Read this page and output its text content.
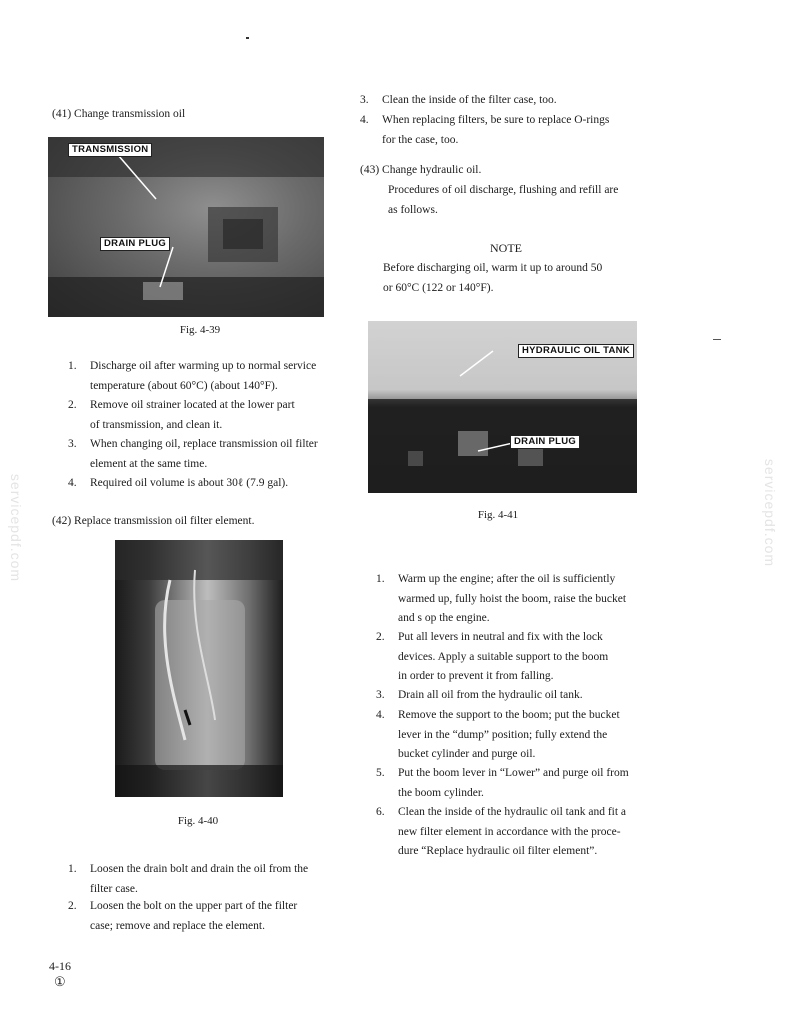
servicepdf.com	servicepdf.com
(41) Change transmission oil
TRANSMISSION
DRAIN PLUG
Fig. 4-39
1. Discharge oil after warming up to normal service
temperature (about 60°C) (about 140°F).
2. Remove oil strainer located at the lower part
of transmission, and clean it.
3. When changing oil, replace transmission oil filter
element at the same time.
4. Required oil volume is about 30ℓ (7.9 gal).
(42) Replace transmission oil filter element.
Fig. 4-40
1. Loosen the drain bolt and drain the oil from the
filter case.
2. Loosen the bolt on the upper part of the filter
case; remove and replace the element.
4-16
①
3. Clean the inside of the filter case, too.
4. When replacing filters, be sure to replace O-rings
for the case, too.
(43) Change hydraulic oil.
Procedures of oil discharge, flushing and refill are
as follows.
NOTE
Before discharging oil, warm it up to around 50
or 60°C (122 or 140°F).
HYDRAULIC OIL TANK
DRAIN PLUG
Fig. 4-41
1. Warm up the engine; after the oil is sufficiently
warmed up, fully hoist the boom, raise the bucket
and s op the engine.
2. Put all levers in neutral and fix with the lock
devices. Apply a suitable support to the boom
in order to prevent it from falling.
3. Drain all oil from the hydraulic oil tank.
4. Remove the support to the boom; put the bucket
lever in the “dump” position; fully extend the
bucket cylinder and purge oil.
5. Put the boom lever in “Lower” and purge oil from
the boom cylinder.
6. Clean the inside of the hydraulic oil tank and fit a
new filter element in accordance with the proce-
dure “Replace hydraulic oil filter element”.
